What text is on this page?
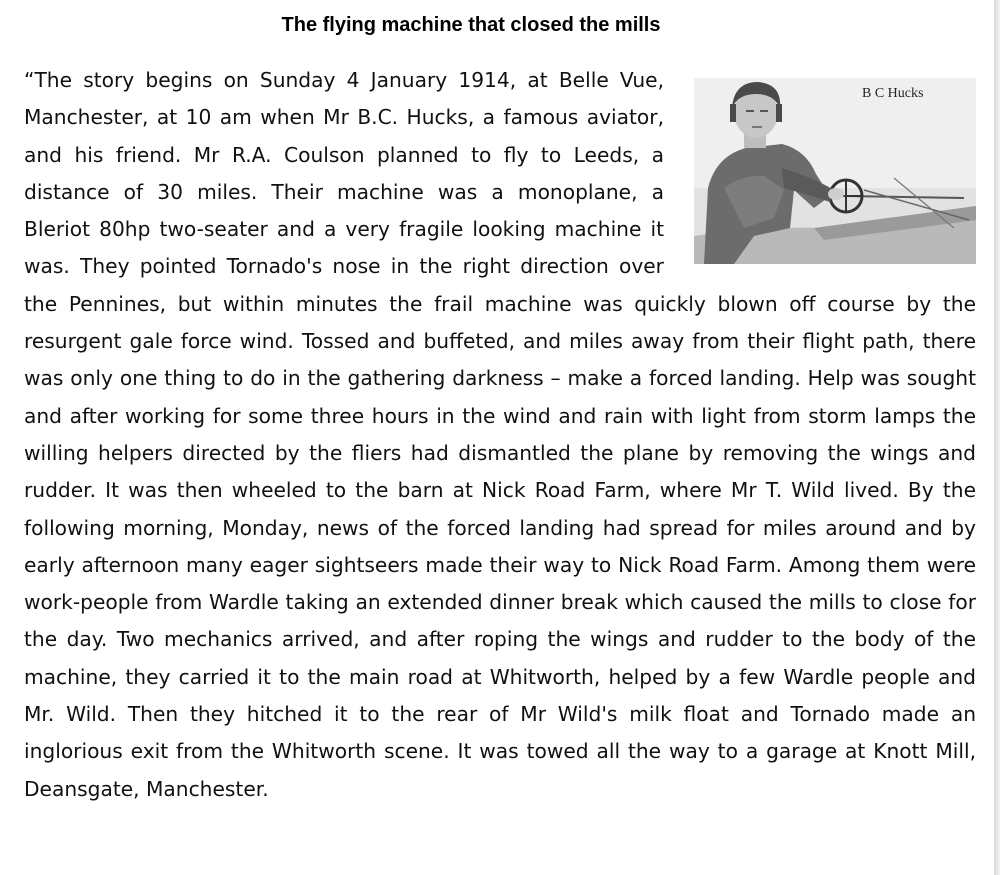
The flying machine that closed the mills
B C Hucks
“The story begins on Sunday 4 January 1914, at Belle Vue, Manchester, at 10 am when Mr B.C. Hucks, a famous aviator, and his friend. Mr R.A. Coulson planned to fly to Leeds, a distance of 30 miles. Their machine was a monoplane, a Bleriot 80hp two-seater and a very fragile looking machine it was. They pointed Tornado's nose in the right direction over the Pennines, but within minutes the frail machine was quickly blown off course by the resurgent gale force wind. Tossed and buffeted, and miles away from their flight path, there was only one thing to do in the gathering darkness – make a forced landing. Help was sought and after working for some three hours in the wind and rain with light from storm lamps the willing helpers directed by the fliers had dismantled the plane by removing the wings and rudder. It was then wheeled to the barn at Nick Road Farm, where Mr T. Wild lived. By the following morning, Monday, news of the forced landing had spread for miles around and by early afternoon many eager sightseers made their way to Nick Road Farm. Among them were work-people from Wardle taking an extended dinner break which caused the mills to close for the day. Two mechanics arrived, and after roping the wings and rudder to the body of the machine, they carried it to the main road at Whitworth, helped by a few Wardle people and Mr. Wild. Then they hitched it to the rear of Mr Wild's milk float and Tornado made an inglorious exit from the Whitworth scene. It was towed all the way to a garage at Knott Mill, Deansgate, Manchester.
